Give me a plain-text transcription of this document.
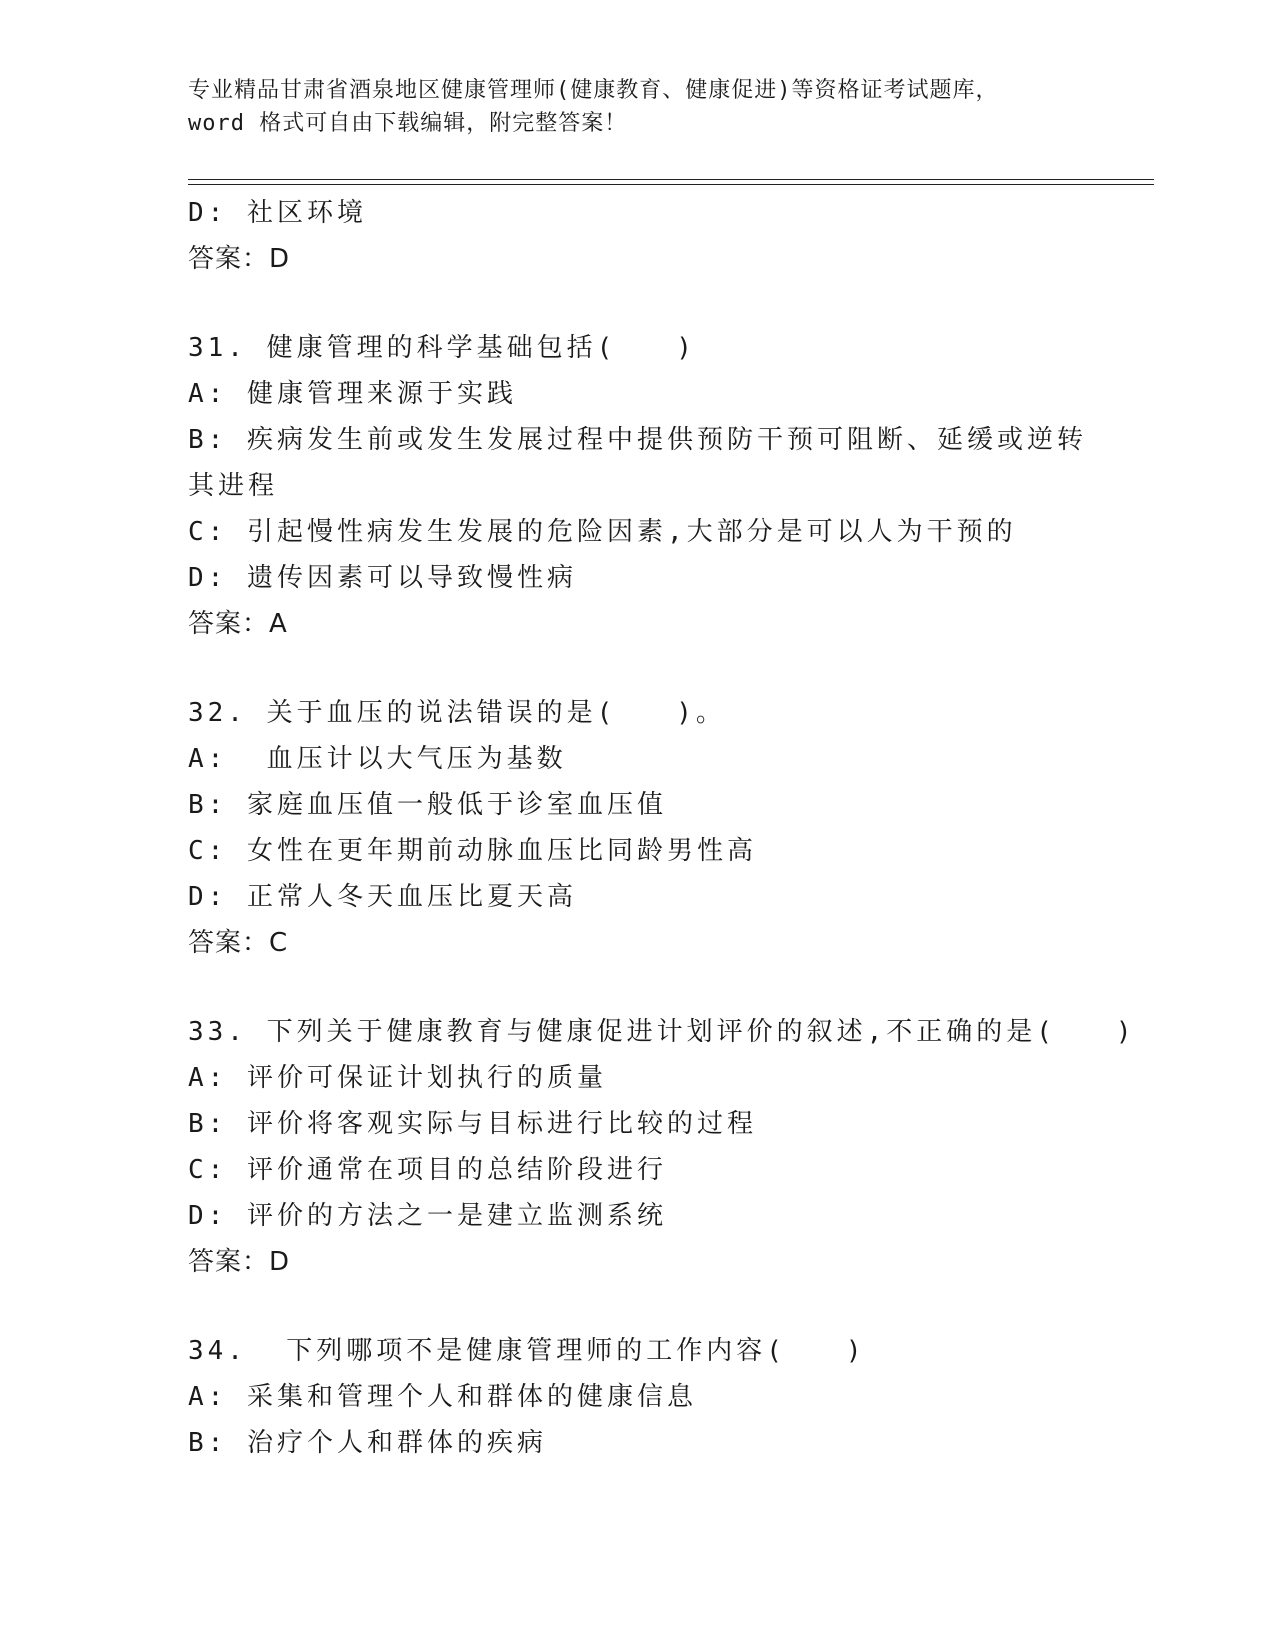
专业精品甘肃省酒泉地区健康管理师(健康教育、健康促进)等资格证考试题库，
word 格式可自由下载编辑，附完整答案！
D: 社区环境
答案：D
31. 健康管理的科学基础包括(　　)
A: 健康管理来源于实践
B: 疾病发生前或发生发展过程中提供预防干预可阻断、延缓或逆转其进程
C: 引起慢性病发生发展的危险因素,大部分是可以人为干预的
D: 遗传因素可以导致慢性病
答案：A
32. 关于血压的说法错误的是(　　)。
A:  血压计以大气压为基数
B: 家庭血压值一般低于诊室血压值
C: 女性在更年期前动脉血压比同龄男性高
D: 正常人冬天血压比夏天高
答案：C
33. 下列关于健康教育与健康促进计划评价的叙述,不正确的是(　　)
A: 评价可保证计划执行的质量
B: 评价将客观实际与目标进行比较的过程
C: 评价通常在项目的总结阶段进行
D: 评价的方法之一是建立监测系统
答案：D
34.  下列哪项不是健康管理师的工作内容(　　)
A: 采集和管理个人和群体的健康信息
B: 治疗个人和群体的疾病
